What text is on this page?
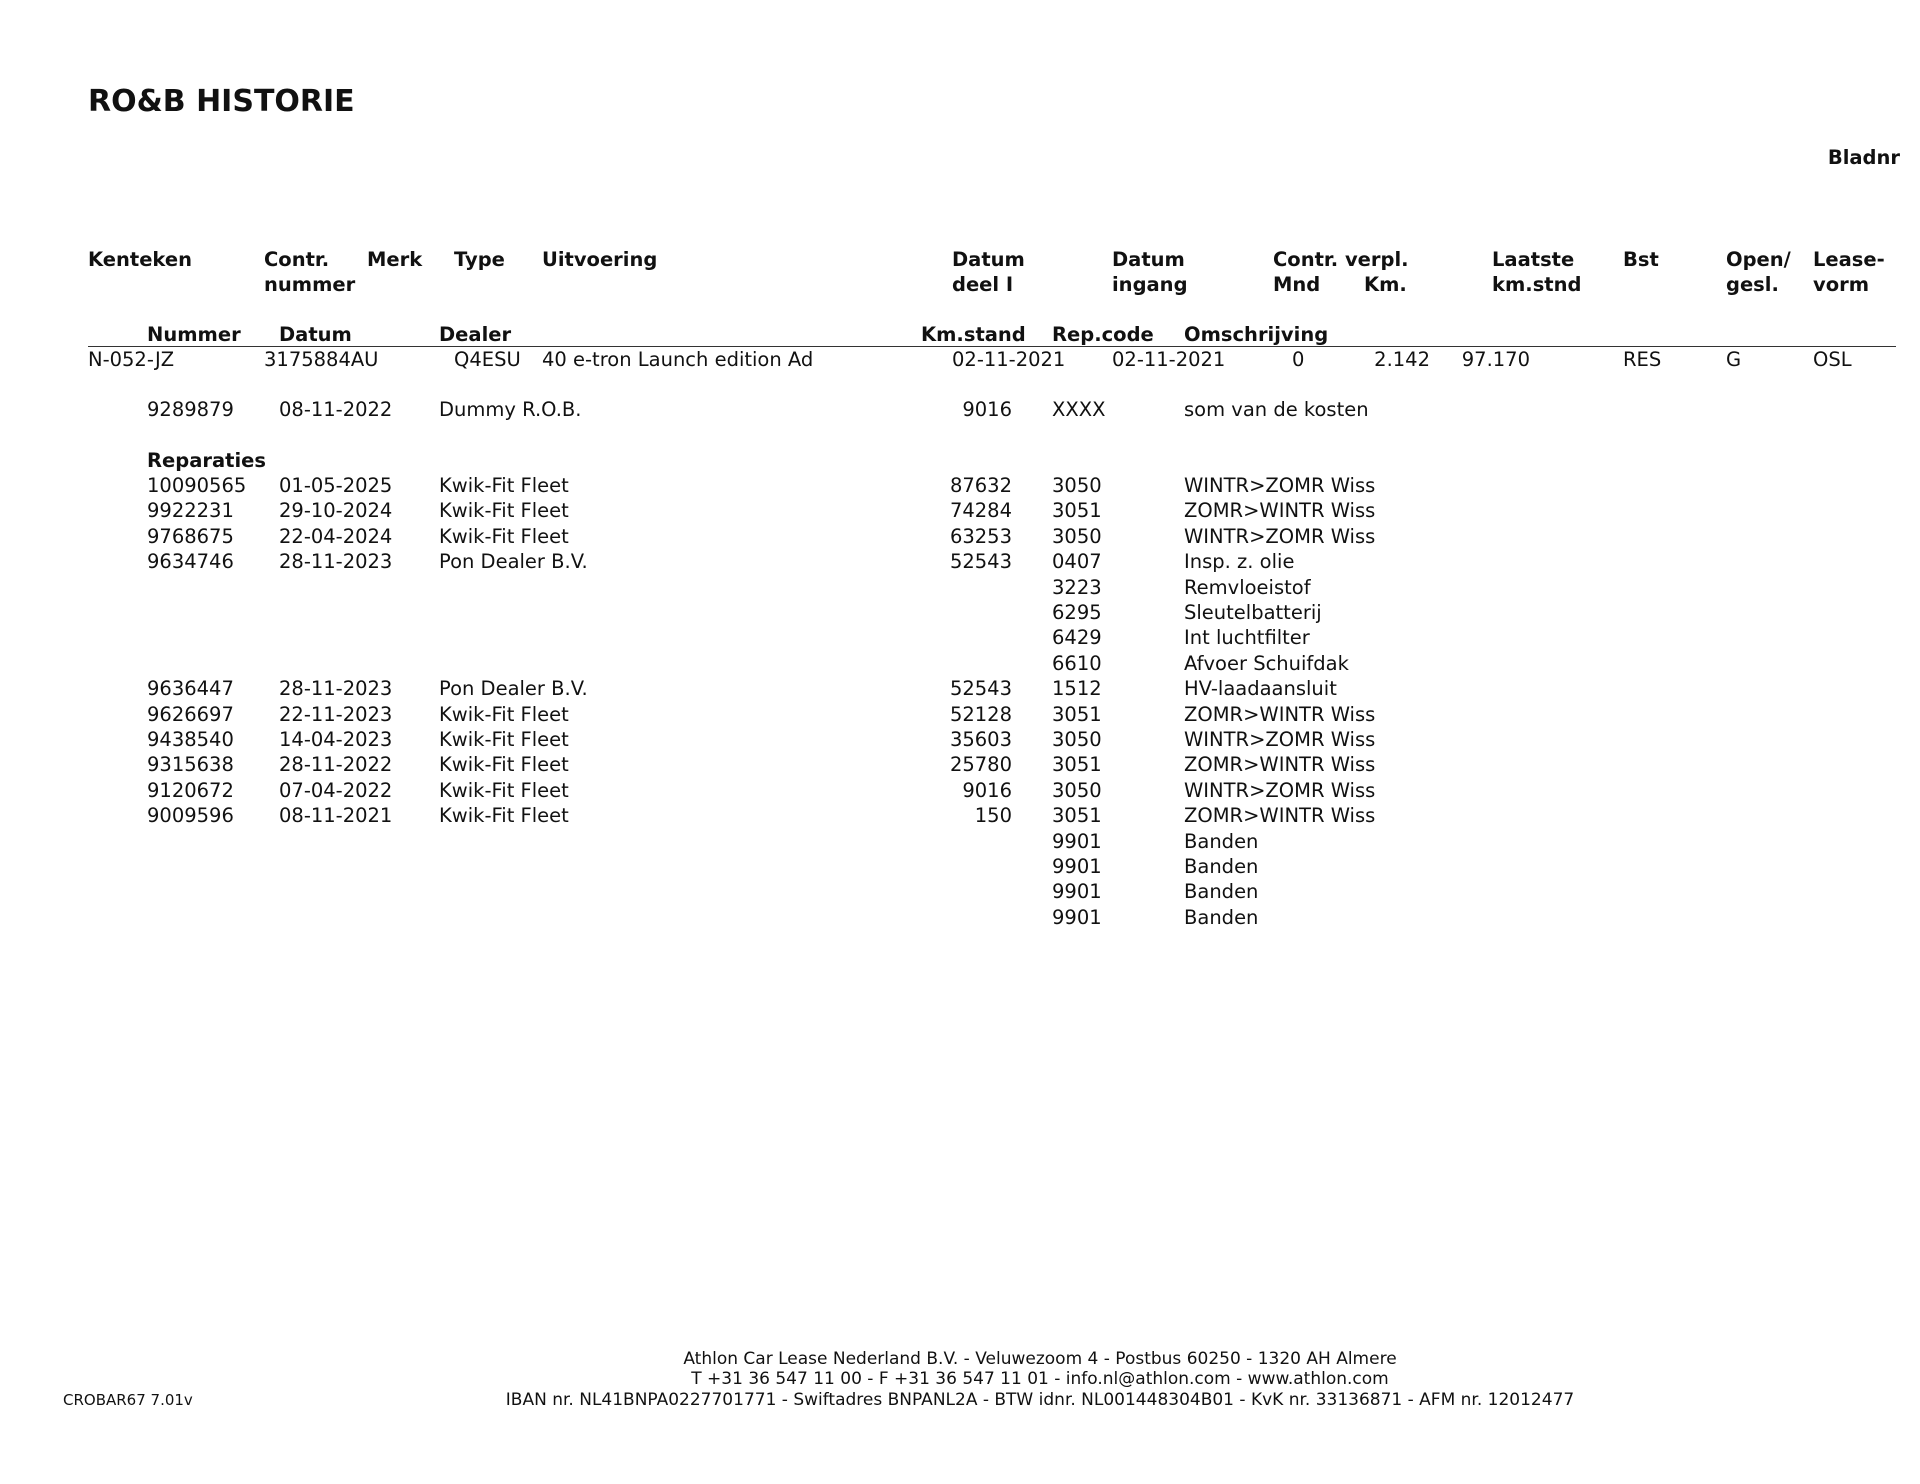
RO&B HISTORIE
Bladnr
Kenteken	Contr.
nummer
Merk Type Uitvoering	Datum
deel I
Datum
ingang
Contr. verpl.
Mnd Km.
Laatste
km.stnd
Bst	Open/
gesl.
Lease-
vorm
Nummer Datum	Dealer	Km.stand Rep.code Omschrijving
N-052-JZ	3175884AU	Q4ESU 40 e-tron Launch edition Ad	02-11-2021 02-11-2021	0	2.142	97.170	RES	G	OSL
9289879 08-11-2022 Dummy R.O.B.	9016 XXXX	som van de kosten
Reparaties
10090565 01-05-2025 Kwik-Fit Fleet	87632 3050	WINTR>ZOMR Wiss
9922231 29-10-2024 Kwik-Fit Fleet	74284 3051	ZOMR>WINTR Wiss
9768675 22-04-2024 Kwik-Fit Fleet	63253 3050	WINTR>ZOMR Wiss
9634746 28-11-2023 Pon Dealer B.V.	52543 0407	Insp. z. olie
3223	Remvloeistof
6295	Sleutelbatterij
6429	Int luchtfilter
6610	Afvoer Schuifdak
9636447 28-11-2023 Pon Dealer B.V.	52543 1512	HV-laadaansluit
9626697 22-11-2023 Kwik-Fit Fleet	52128 3051	ZOMR>WINTR Wiss
9438540 14-04-2023 Kwik-Fit Fleet	35603 3050	WINTR>ZOMR Wiss
9315638 28-11-2022 Kwik-Fit Fleet	25780 3051	ZOMR>WINTR Wiss
9120672 07-04-2022 Kwik-Fit Fleet	9016 3050	WINTR>ZOMR Wiss
9009596 08-11-2021 Kwik-Fit Fleet	150 3051	ZOMR>WINTR Wiss
9901	Banden
9901	Banden
9901	Banden
9901	Banden
Athlon Car Lease Nederland B.V. - Veluwezoom 4 - Postbus 60250 - 1320 AH Almere
T +31 36 547 11 00 - F +31 36 547 11 01 - info.nl@athlon.com - www.athlon.com
IBAN nr. NL41BNPA0227701771 - Swiftadres BNPANL2A - BTW idnr. NL001448304B01 - KvK nr. 33136871 - AFM nr. 12012477
CROBAR67 7.01v
